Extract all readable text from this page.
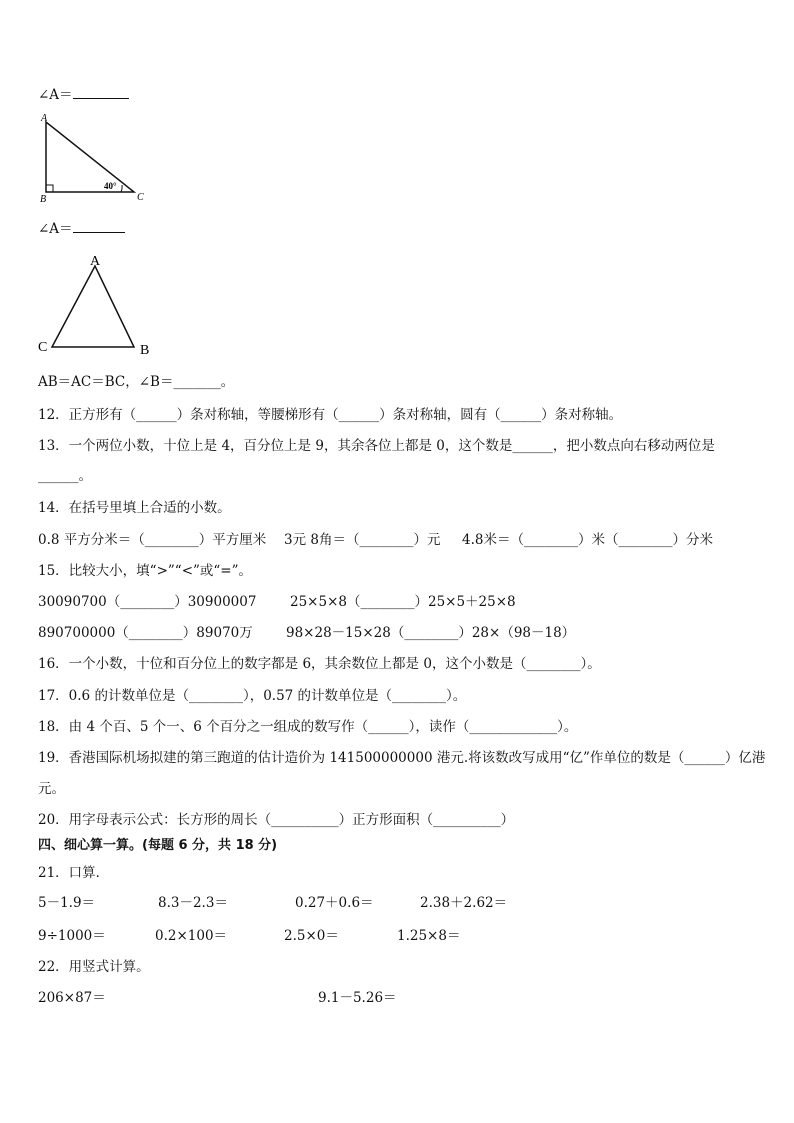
∠A＝
A
B	C
40°
∠A＝
A
C	B
AB＝AC＝BC，∠B＝_______。
12．正方形有（______）条对称轴，等腰梯形有（______）条对称轴，圆有（______）条对称轴。
13．一个两位小数，十位上是 4，百分位上是 9，其余各位上都是 0，这个数是______，把小数点向右移动两位是
______。
14．在括号里填上合适的小数。
0.8 平方分米＝（________）平方厘米 3元 8角＝（________）元 4.8米＝（________）米（________）分米
15．比较大小，填“>”“<”或“=”。
30090700（________）30900007 25×5×8（________）25×5＋25×8
890700000（________）89070万 98×28－15×28（________）28×（98－18）
16．一个小数，十位和百分位上的数字都是 6，其余数位上都是 0，这个小数是（________）。
17．0.6 的计数单位是（________），0.57 的计数单位是（________）。
18．由 4 个百、5 个一、6 个百分之一组成的数写作（______），读作（_____________）。
19．香港国际机场拟建的第三跑道的估计造价为 141500000000 港元.将该数改写成用“亿”作单位的数是（______）亿港
元。
20．用字母表示公式：长方形的周长（__________）正方形面积（__________）
四、细心算一算。(每题 6 分，共 18 分)
21．口算．
5－1.9＝	8.3－2.3＝	0.27＋0.6＝	2.38＋2.62＝
9÷1000＝	0.2×100＝	2.5×0＝	1.25×8＝
22．用竖式计算。
206×87＝	9.1－5.26＝
